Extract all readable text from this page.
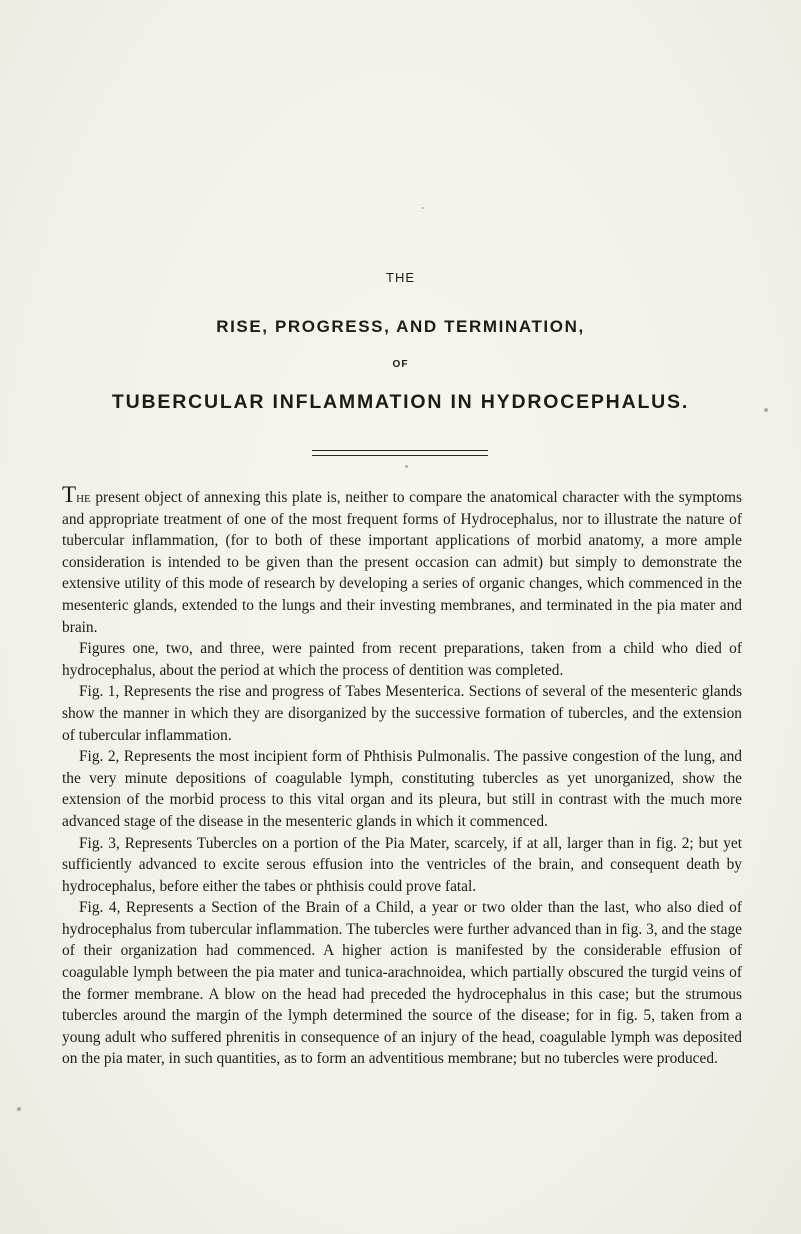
THE
RISE, PROGRESS, AND TERMINATION,
OF
TUBERCULAR INFLAMMATION IN HYDROCEPHALUS.

The present object of annexing this plate is, neither to compare the anatomical character with the symptoms and appropriate treatment of one of the most frequent forms of Hydrocephalus, nor to illustrate the nature of tubercular inflammation, (for to both of these important applications of morbid anatomy, a more ample consideration is intended to be given than the present occasion can admit) but simply to demonstrate the extensive utility of this mode of research by developing a series of organic changes, which commenced in the mesenteric glands, extended to the lungs and their investing membranes, and terminated in the pia mater and brain.

Figures one, two, and three, were painted from recent preparations, taken from a child who died of hydrocephalus, about the period at which the process of dentition was completed.

Fig. 1, Represents the rise and progress of Tabes Mesenterica. Sections of several of the mesenteric glands show the manner in which they are disorganized by the successive formation of tubercles, and the extension of tubercular inflammation.

Fig. 2, Represents the most incipient form of Phthisis Pulmonalis. The passive congestion of the lung, and the very minute depositions of coagulable lymph, constituting tubercles as yet unorganized, show the extension of the morbid process to this vital organ and its pleura, but still in contrast with the much more advanced stage of the disease in the mesenteric glands in which it commenced.

Fig. 3, Represents Tubercles on a portion of the Pia Mater, scarcely, if at all, larger than in fig. 2; but yet sufficiently advanced to excite serous effusion into the ventricles of the brain, and consequent death by hydrocephalus, before either the tabes or phthisis could prove fatal.

Fig. 4, Represents a Section of the Brain of a Child, a year or two older than the last, who also died of hydrocephalus from tubercular inflammation. The tubercles were further advanced than in fig. 3, and the stage of their organization had commenced. A higher action is manifested by the considerable effusion of coagulable lymph between the pia mater and tunica-arachnoidea, which partially obscured the turgid veins of the former membrane. A blow on the head had preceded the hydrocephalus in this case; but the strumous tubercles around the margin of the lymph determined the source of the disease; for in fig. 5, taken from a young adult who suffered phrenitis in consequence of an injury of the head, coagulable lymph was deposited on the pia mater, in such quantities, as to form an adventitious membrane; but no tubercles were produced.
